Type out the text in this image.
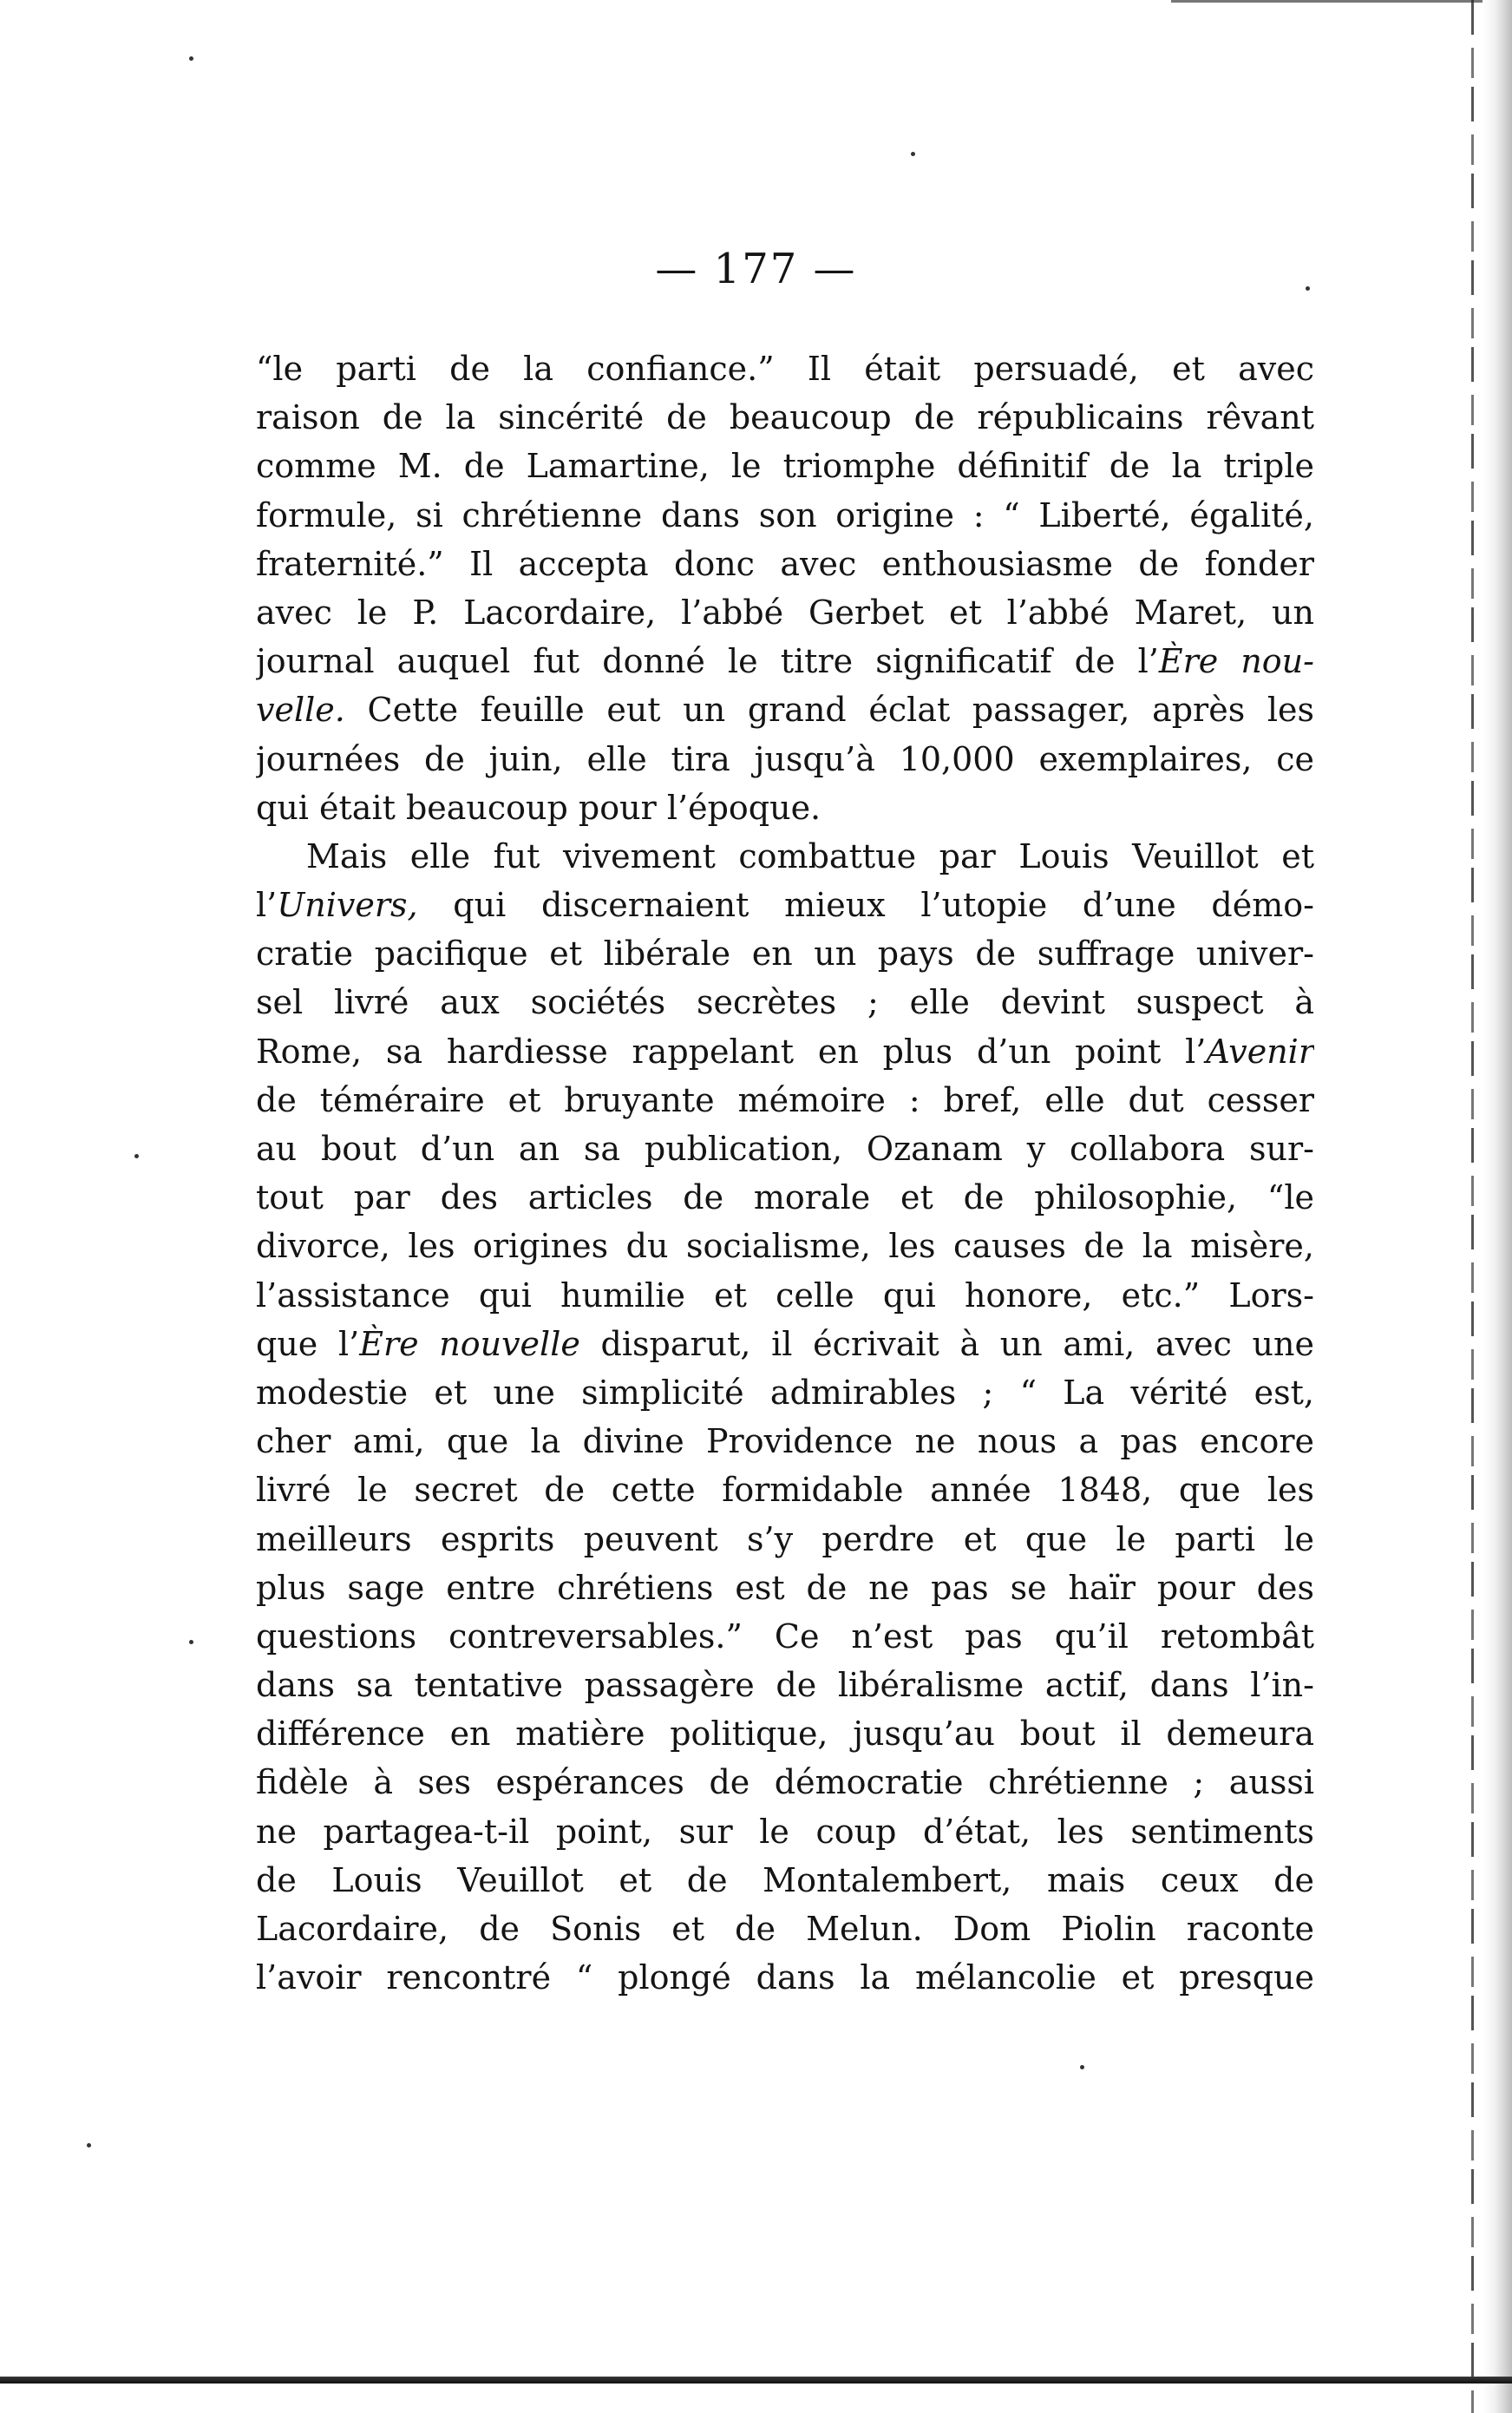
— 177 —
“le parti de la confiance.” Il était persuadé, et avec
raison de la sincérité de beaucoup de républicains rêvant
comme M. de Lamartine, le triomphe définitif de la triple
formule, si chrétienne dans son origine : “ Liberté, égalité,
fraternité.” Il accepta donc avec enthousiasme de fonder
avec le P. Lacordaire, l’abbé Gerbet et l’abbé Maret, un
journal auquel fut donné le titre significatif de l’Ère nou-
velle. Cette feuille eut un grand éclat passager, après les
journées de juin, elle tira jusqu’à 10,000 exemplaires, ce
qui était beaucoup pour l’époque.
Mais elle fut vivement combattue par Louis Veuillot et
l’Univers, qui discernaient mieux l’utopie d’une démo-
cratie pacifique et libérale en un pays de suffrage univer-
sel livré aux sociétés secrètes ; elle devint suspect à
Rome, sa hardiesse rappelant en plus d’un point l’Avenir
de téméraire et bruyante mémoire : bref, elle dut cesser
au bout d’un an sa publication, Ozanam y collabora sur-
tout par des articles de morale et de philosophie, “le
divorce, les origines du socialisme, les causes de la misère,
l’assistance qui humilie et celle qui honore, etc.” Lors-
que l’Ère nouvelle disparut, il écrivait à un ami, avec une
modestie et une simplicité admirables ; “ La vérité est,
cher ami, que la divine Providence ne nous a pas encore
livré le secret de cette formidable année 1848, que les
meilleurs esprits peuvent s’y perdre et que le parti le
plus sage entre chrétiens est de ne pas se haïr pour des
questions contreversables.” Ce n’est pas qu’il retombât
dans sa tentative passagère de libéralisme actif, dans l’in-
différence en matière politique, jusqu’au bout il demeura
fidèle à ses espérances de démocratie chrétienne ; aussi
ne partagea-t-il point, sur le coup d’état, les sentiments
de Louis Veuillot et de Montalembert, mais ceux de
Lacordaire, de Sonis et de Melun. Dom Piolin raconte
l’avoir rencontré “ plongé dans la mélancolie et presque
